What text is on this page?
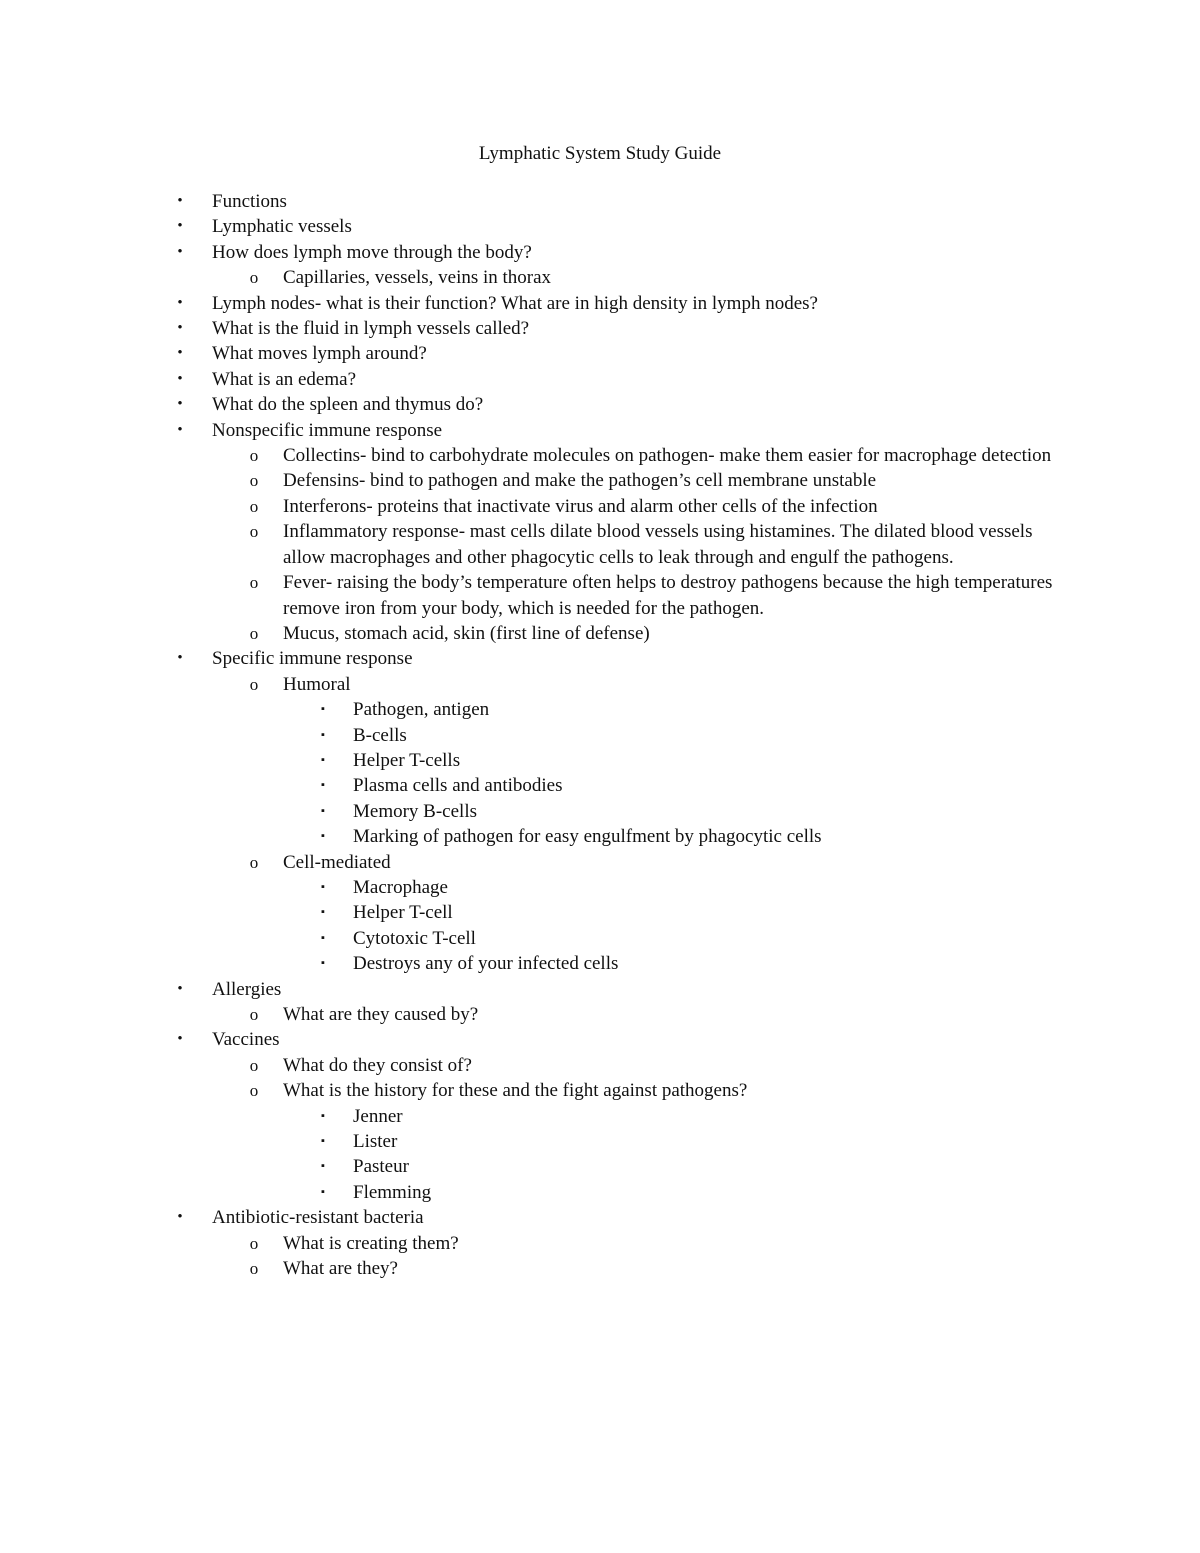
Lymphatic System Study Guide
• Functions
• Lymphatic vessels
• How does lymph move through the body?
o Capillaries, vessels, veins in thorax
• Lymph nodes- what is their function? What are in high density in lymph nodes?
• What is the fluid in lymph vessels called?
• What moves lymph around?
• What is an edema?
• What do the spleen and thymus do?
• Nonspecific immune response
o Collectins- bind to carbohydrate molecules on pathogen- make them easier for macrophage detection
o Defensins- bind to pathogen and make the pathogen’s cell membrane unstable
o Interferons- proteins that inactivate virus and alarm other cells of the infection
o Inflammatory response- mast cells dilate blood vessels using histamines. The dilated blood vessels allow macrophages and other phagocytic cells to leak through and engulf the pathogens.
o Fever- raising the body’s temperature often helps to destroy pathogens because the high temperatures remove iron from your body, which is needed for the pathogen.
o Mucus, stomach acid, skin (first line of defense)
• Specific immune response
o Humoral
▪	Pathogen, antigen
▪	B-cells
▪	Helper T-cells
▪	Plasma cells and antibodies
▪	Memory B-cells
▪	Marking of pathogen for easy engulfment by phagocytic cells
o Cell-mediated
▪	Macrophage
▪	Helper T-cell
▪	Cytotoxic T-cell
▪	Destroys any of your infected cells
• Allergies
o What are they caused by?
• Vaccines
o What do they consist of?
o What is the history for these and the fight against pathogens?
▪	Jenner
▪	Lister
▪	Pasteur
▪	Flemming
• Antibiotic-resistant bacteria
o What is creating them?
o What are they?
